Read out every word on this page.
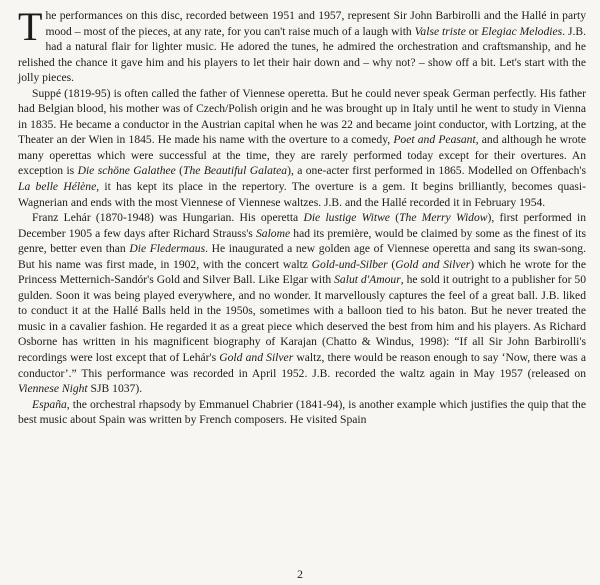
The performances on this disc, recorded between 1951 and 1957, represent Sir John Barbirolli and the Hallé in party mood – most of the pieces, at any rate, for you can't raise much of a laugh with Valse triste or Elegiac Melodies. J.B. had a natural flair for lighter music. He adored the tunes, he admired the orchestration and craftsmanship, and he relished the chance it gave him and his players to let their hair down and – why not? – show off a bit. Let's start with the jolly pieces.

Suppé (1819-95) is often called the father of Viennese operetta. But he could never speak German perfectly. His father had Belgian blood, his mother was of Czech/Polish origin and he was brought up in Italy until he went to study in Vienna in 1835. He became a conductor in the Austrian capital when he was 22 and became joint conductor, with Lortzing, at the Theater an der Wien in 1845. He made his name with the overture to a comedy, Poet and Peasant, and although he wrote many operettas which were successful at the time, they are rarely performed today except for their overtures. An exception is Die schöne Galathee (The Beautiful Galatea), a one-acter first performed in 1865. Modelled on Offenbach's La belle Hélène, it has kept its place in the repertory. The overture is a gem. It begins brilliantly, becomes quasi-Wagnerian and ends with the most Viennese of Viennese waltzes. J.B. and the Hallé recorded it in February 1954.

Franz Lehár (1870-1948) was Hungarian. His operetta Die lustige Witwe (The Merry Widow), first performed in December 1905 a few days after Richard Strauss's Salome had its première, would be claimed by some as the finest of its genre, better even than Die Fledermaus. He inaugurated a new golden age of Viennese operetta and sang its swan-song. But his name was first made, in 1902, with the concert waltz Gold-und-Silber (Gold and Silver) which he wrote for the Princess Metternich-Sandór's Gold and Silver Ball. Like Elgar with Salut d'Amour, he sold it outright to a publisher for 50 gulden. Soon it was being played everywhere, and no wonder. It marvellously captures the feel of a great ball. J.B. liked to conduct it at the Hallé Balls held in the 1950s, sometimes with a balloon tied to his baton. But he never treated the music in a cavalier fashion. He regarded it as a great piece which deserved the best from him and his players. As Richard Osborne has written in his magnificent biography of Karajan (Chatto & Windus, 1998): “If all Sir John Barbirolli's recordings were lost except that of Lehár's Gold and Silver waltz, there would be reason enough to say ‘Now, there was a conductor’.” This performance was recorded in April 1952. J.B. recorded the waltz again in May 1957 (released on Viennese Night SJB 1037).

España, the orchestral rhapsody by Emmanuel Chabrier (1841-94), is another example which justifies the quip that the best music about Spain was written by French composers. He visited Spain

2
